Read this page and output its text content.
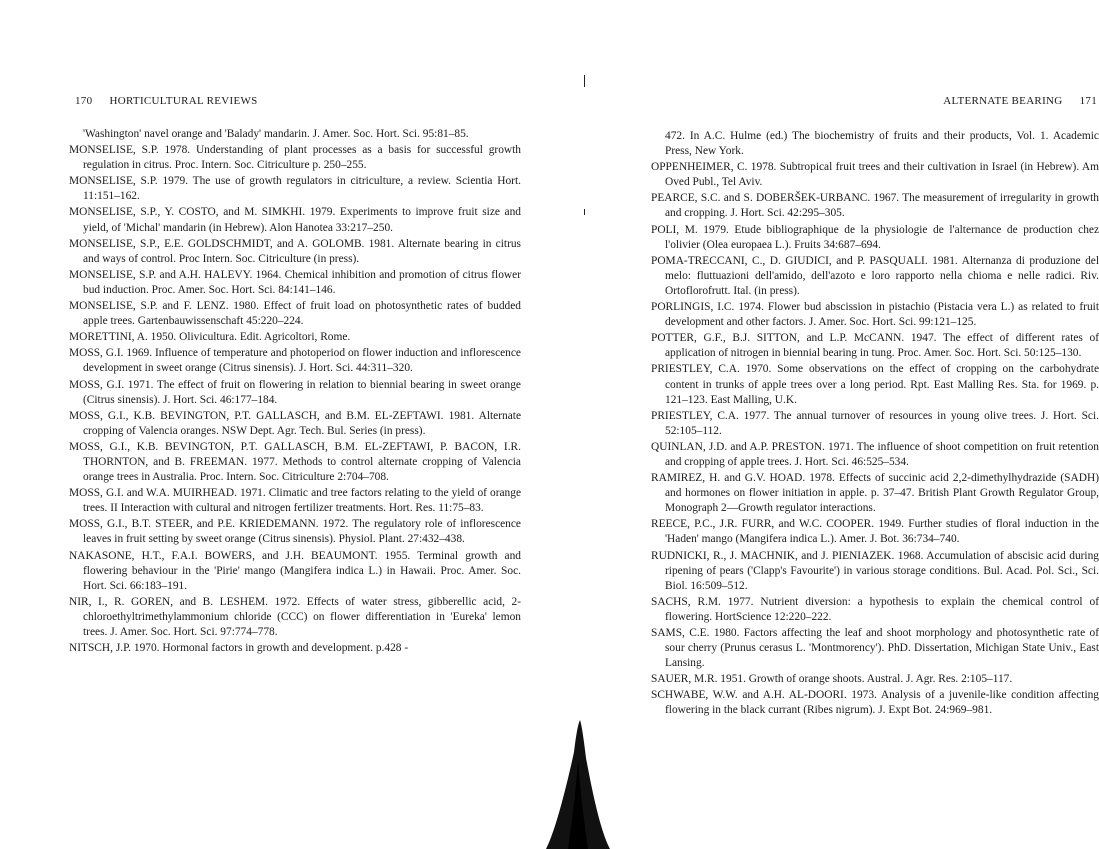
170 HORTICULTURAL REVIEWS

'Washington' navel orange and 'Balady' mandarin. J. Amer. Soc. Hort. Sci. 95:81–85.

MONSELISE, S.P. 1978. Understanding of plant processes as a basis for successful growth regulation in citrus. Proc. Intern. Soc. Citriculture p. 250–255.

MONSELISE, S.P. 1979. The use of growth regulators in citriculture, a review. Scientia Hort. 11:151–162.

MONSELISE, S.P., Y. COSTO, and M. SIMKHI. 1979. Experiments to improve fruit size and yield, of 'Michal' mandarin (in Hebrew). Alon Hanotea 33:217–250.

MONSELISE, S.P., E.E. GOLDSCHMIDT, and A. GOLOMB. 1981. Alternate bearing in citrus and ways of control. Proc Intern. Soc. Citriculture (in press).

MONSELISE, S.P. and A.H. HALEVY. 1964. Chemical inhibition and promotion of citrus flower bud induction. Proc. Amer. Soc. Hort. Sci. 84:141–146.

MONSELISE, S.P. and F. LENZ. 1980. Effect of fruit load on photosynthetic rates of budded apple trees. Gartenbauwissenschaft 45:220–224.

MORETTINI, A. 1950. Olivicultura. Edit. Agricoltori, Rome.

MOSS, G.I. 1969. Influence of temperature and photoperiod on flower induction and inflorescence development in sweet orange (Citrus sinensis). J. Hort. Sci. 44:311–320.

MOSS, G.I. 1971. The effect of fruit on flowering in relation to biennial bearing in sweet orange (Citrus sinensis). J. Hort. Sci. 46:177–184.

MOSS, G.I., K.B. BEVINGTON, P.T. GALLASCH, and B.M. EL-ZEFTAWI. 1981. Alternate cropping of Valencia oranges. NSW Dept. Agr. Tech. Bul. Series (in press).

MOSS, G.I., K.B. BEVINGTON, P.T. GALLASCH, B.M. EL-ZEFTAWI, P. BACON, I.R. THORNTON, and B. FREEMAN. 1977. Methods to control alternate cropping of Valencia orange trees in Australia. Proc. Intern. Soc. Citriculture 2:704–708.

MOSS, G.I. and W.A. MUIRHEAD. 1971. Climatic and tree factors relating to the yield of orange trees. II Interaction with cultural and nitrogen fertilizer treatments. Hort. Res. 11:75–83.

MOSS, G.I., B.T. STEER, and P.E. KRIEDEMANN. 1972. The regulatory role of inflorescence leaves in fruit setting by sweet orange (Citrus sinensis). Physiol. Plant. 27:432–438.

NAKASONE, H.T., F.A.I. BOWERS, and J.H. BEAUMONT. 1955. Terminal growth and flowering behaviour in the 'Pirie' mango (Mangifera indica L.) in Hawaii. Proc. Amer. Soc. Hort. Sci. 66:183–191.

NIR, I., R. GOREN, and B. LESHEM. 1972. Effects of water stress, gibberellic acid, 2-chloroethyltrimethylammonium chloride (CCC) on flower differentiation in 'Eureka' lemon trees. J. Amer. Soc. Hort. Sci. 97:774–778.

NITSCH, J.P. 1970. Hormonal factors in growth and development. p.428 -

ALTERNATE BEARING 171

472. In A.C. Hulme (ed.) The biochemistry of fruits and their products, Vol. 1. Academic Press, New York.

OPPENHEIMER, C. 1978. Subtropical fruit trees and their cultivation in Israel (in Hebrew). Am Oved Publ., Tel Aviv.

PEARCE, S.C. and S. DOBERŠEK-URBANC. 1967. The measurement of irregularity in growth and cropping. J. Hort. Sci. 42:295–305.

POLI, M. 1979. Etude bibliographique de la physiologie de l'alternance de production chez l'olivier (Olea europaea L.). Fruits 34:687–694.

POMA-TRECCANI, C., D. GIUDICI, and P. PASQUALI. 1981. Alternanza di produzione del melo: fluttuazioni dell'amido, dell'azoto e loro rapporto nella chioma e nelle radici. Riv. Ortoflorofrutt. Ital. (in press).

PORLINGIS, I.C. 1974. Flower bud abscission in pistachio (Pistacia vera L.) as related to fruit development and other factors. J. Amer. Soc. Hort. Sci. 99:121–125.

POTTER, G.F., B.J. SITTON, and L.P. McCANN. 1947. The effect of different rates of application of nitrogen in biennial bearing in tung. Proc. Amer. Soc. Hort. Sci. 50:125–130.

PRIESTLEY, C.A. 1970. Some observations on the effect of cropping on the carbohydrate content in trunks of apple trees over a long period. Rpt. East Malling Res. Sta. for 1969. p. 121–123. East Malling, U.K.

PRIESTLEY, C.A. 1977. The annual turnover of resources in young olive trees. J. Hort. Sci. 52:105–112.

QUINLAN, J.D. and A.P. PRESTON. 1971. The influence of shoot competition on fruit retention and cropping of apple trees. J. Hort. Sci. 46:525–534.

RAMIREZ, H. and G.V. HOAD. 1978. Effects of succinic acid 2,2-dimethylhydrazide (SADH) and hormones on flower initiation in apple. p. 37–47. British Plant Growth Regulator Group, Monograph 2—Growth regulator interactions.

REECE, P.C., J.R. FURR, and W.C. COOPER. 1949. Further studies of floral induction in the 'Haden' mango (Mangifera indica L.). Amer. J. Bot. 36:734–740.

RUDNICKI, R., J. MACHNIK, and J. PIENIAZEK. 1968. Accumulation of abscisic acid during ripening of pears ('Clapp's Favourite') in various storage conditions. Bul. Acad. Pol. Sci., Sci. Biol. 16:509–512.

SACHS, R.M. 1977. Nutrient diversion: a hypothesis to explain the chemical control of flowering. HortScience 12:220–222.

SAMS, C.E. 1980. Factors affecting the leaf and shoot morphology and photosynthetic rate of sour cherry (Prunus cerasus L. 'Montmorency'). PhD. Dissertation, Michigan State Univ., East Lansing.

SAUER, M.R. 1951. Growth of orange shoots. Austral. J. Agr. Res. 2:105–117.

SCHWABE, W.W. and A.H. AL-DOORI. 1973. Analysis of a juvenile-like condition affecting flowering in the black currant (Ribes nigrum). J. Expt Bot. 24:969–981.
